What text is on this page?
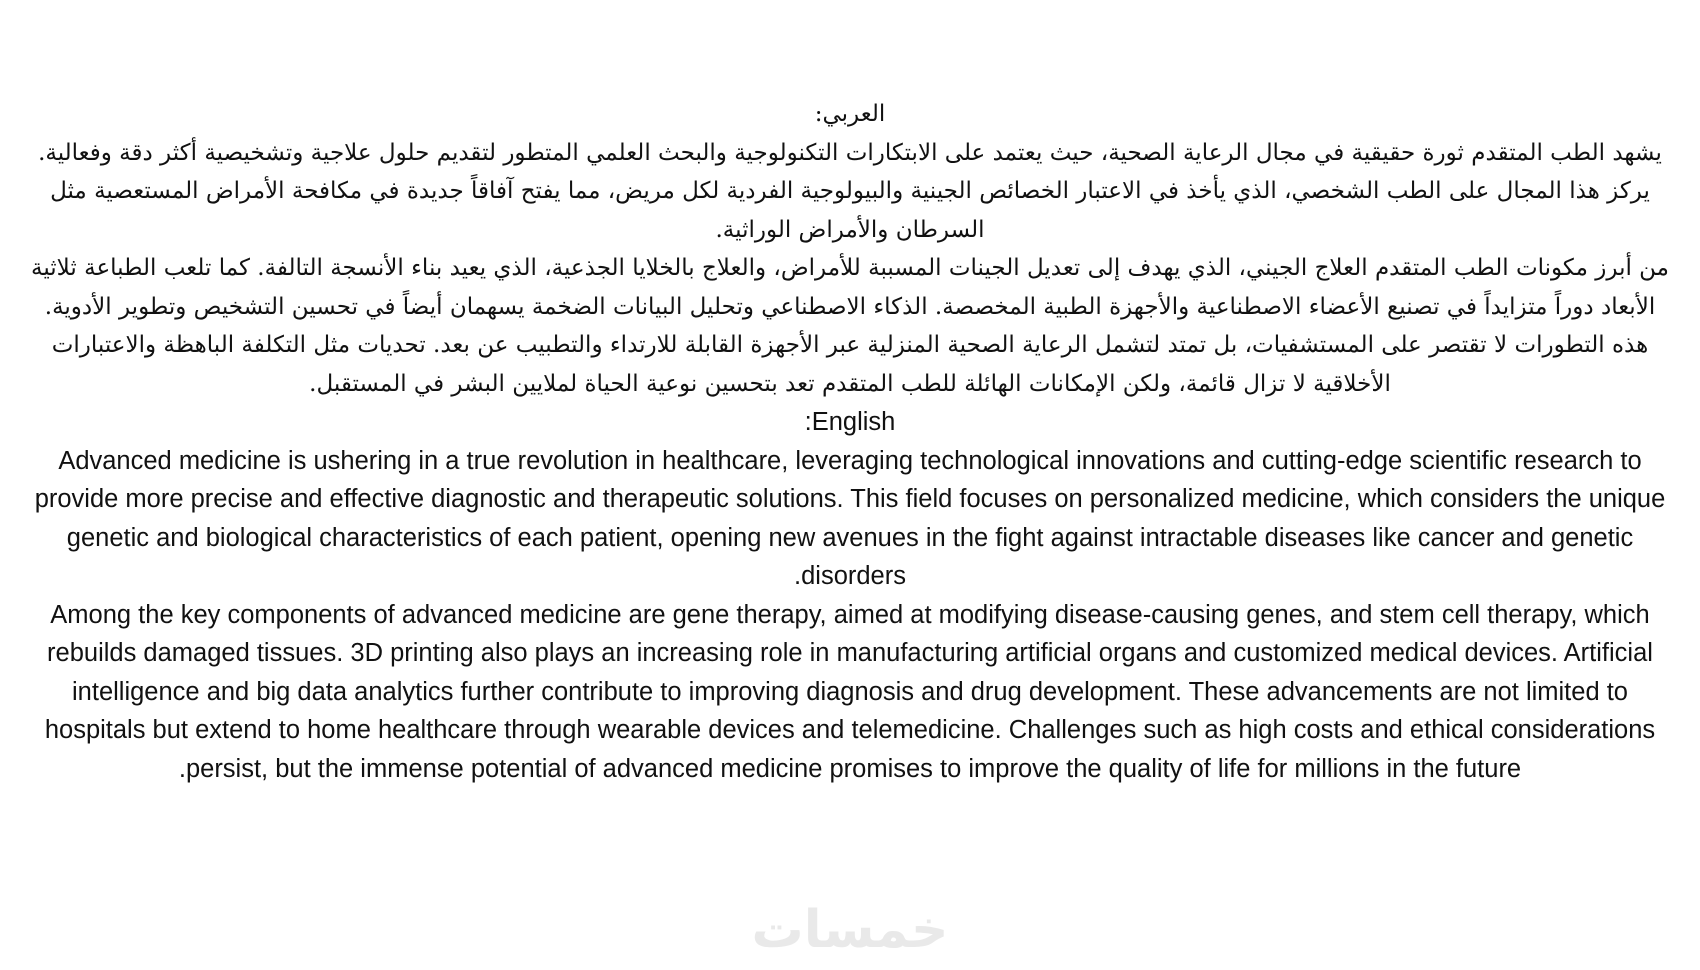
العربي:

يشهد الطب المتقدم ثورة حقيقية في مجال الرعاية الصحية، حيث يعتمد على الابتكارات التكنولوجية والبحث العلمي المتطور لتقديم حلول علاجية وتشخيصية أكثر دقة وفعالية. يركز هذا المجال على الطب الشخصي، الذي يأخذ في الاعتبار الخصائص الجينية والبيولوجية الفردية لكل مريض، مما يفتح آفاقاً جديدة في مكافحة الأمراض المستعصية مثل السرطان والأمراض الوراثية.

من أبرز مكونات الطب المتقدم العلاج الجيني، الذي يهدف إلى تعديل الجينات المسببة للأمراض، والعلاج بالخلايا الجذعية، الذي يعيد بناء الأنسجة التالفة. كما تلعب الطباعة ثلاثية الأبعاد دوراً متزايداً في تصنيع الأعضاء الاصطناعية والأجهزة الطبية المخصصة. الذكاء الاصطناعي وتحليل البيانات الضخمة يسهمان أيضاً في تحسين التشخيص وتطوير الأدوية. هذه التطورات لا تقتصر على المستشفيات، بل تمتد لتشمل الرعاية الصحية المنزلية عبر الأجهزة القابلة للارتداء والتطبيب عن بعد. تحديات مثل التكلفة الباهظة والاعتبارات الأخلاقية لا تزال قائمة، ولكن الإمكانات الهائلة للطب المتقدم تعد بتحسين نوعية الحياة لملايين البشر في المستقبل.

English:

Advanced medicine is ushering in a true revolution in healthcare, leveraging technological innovations and cutting-edge scientific research to provide more precise and effective diagnostic and therapeutic solutions. This field focuses on personalized medicine, which considers the unique genetic and biological characteristics of each patient, opening new avenues in the fight against intractable diseases like cancer and genetic disorders.

Among the key components of advanced medicine are gene therapy, aimed at modifying disease-causing genes, and stem cell therapy, which rebuilds damaged tissues. 3D printing also plays an increasing role in manufacturing artificial organs and customized medical devices. Artificial intelligence and big data analytics further contribute to improving diagnosis and drug development. These advancements are not limited to hospitals but extend to home healthcare through wearable devices and telemedicine. Challenges such as high costs and ethical considerations persist, but the immense potential of advanced medicine promises to improve the quality of life for millions in the future.

خمسات
